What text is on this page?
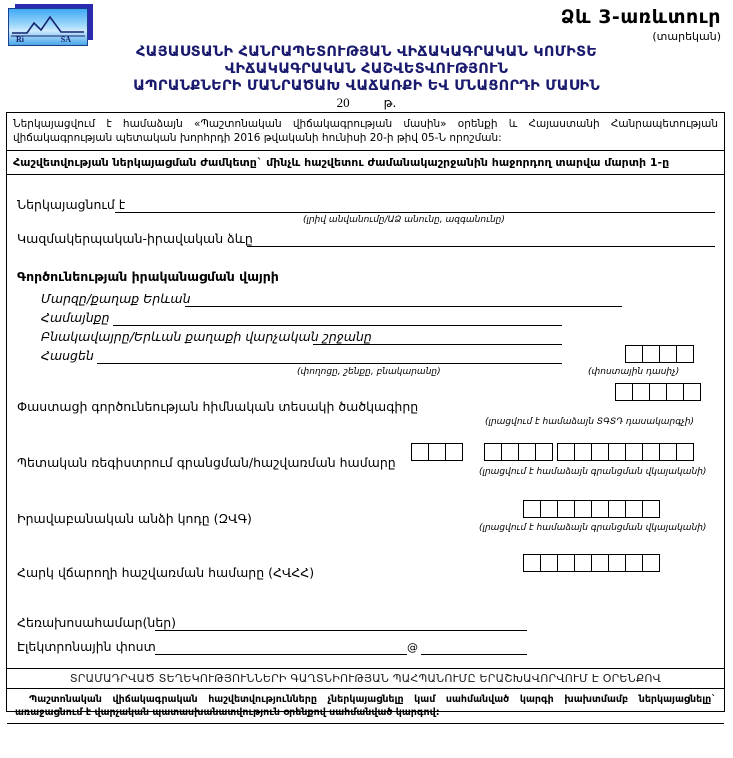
Ri	SA
Ձև 3-առևտուր
(տարեկան)
ՀԱՅԱՍՏԱՆԻ ՀԱՆՐԱՊԵՏՈՒԹՅԱՆ ՎԻՃԱԿԱԳՐԱԿԱՆ ԿՈՄԻՏԵ
ՎԻՃԱԿԱԳՐԱԿԱՆ ՀԱՇՎԵՏՎՈՒԹՅՈՒՆ
ԱՊՐԱՆՔՆԵՐԻ ՄԱՆՐԱԾԱԽ ՎԱՃԱՌՔԻ ԵՎ ՄՆԱՑՈՐԴԻ ՄԱՍԻՆ
20	թ.
Ներկայացվում է համաձայն «Պաշտոնական վիճակագրության մասին» օրենքի և Հայաստանի Հանրապետության վիճակագրության պետական խորհրդի 2016 թվականի հունիսի 20-ի թիվ 05-Ն որոշման:
Հաշվետվության ներկայացման ժամկետը` մինչև հաշվետու ժամանակաշրջանին հաջորդող տարվա մարտի 1-ը
Ներկայացնում է
(լրիվ անվանումը/ԱՁ անունը, ազգանունը)
Կազմակերպական-իրավական ձևը
Գործունեության իրականացման վայրի
Մարզը/քաղաք Երևան
Համայնքը
Բնակավայրը/Երևան քաղաքի վարչական շրջանը
Հասցեն
(փողոցը, շենքը, բնակարանը)	(փոստային դասիչ)
Փաստացի գործունեության հիմնական տեսակի ծածկագիրը
(լրացվում է համաձայն ՏԳՏԴ դասակարգչի)
Պետական ռեգիստրում գրանցման/հաշվառման համարը
(լրացվում է համաձայն գրանցման վկայականի)
Իրավաբանական անձի կոդը (ԶՎԳ)
(լրացվում է համաձայն գրանցման վկայականի)
Հարկ վճարողի հաշվառման համարը (ՀՎՀՀ)
Հեռախոսահամար(ներ)
Էլեկտրոնային փոստ	@
ՏՐԱՄԱԴՐՎԱԾ ՏԵՂԵԿՈՒԹՅՈՒՆՆԵՐԻ ԳԱՂՏՆԻՈՒԹՅԱՆ ՊԱՀՊԱՆՈՒՄԸ ԵՐԱՇԽԱՎՈՐՎՈՒՄ Է ՕՐԵՆՔՈՎ

Պաշտոնական վիճակագրական հաշվետվությունները չներկայացնելը կամ սահմանված կարգի խախտմամբ ներկայացնելը` առաջացնում է վարչական պատասխանատվություն օրենքով սահմանված կարգով:
